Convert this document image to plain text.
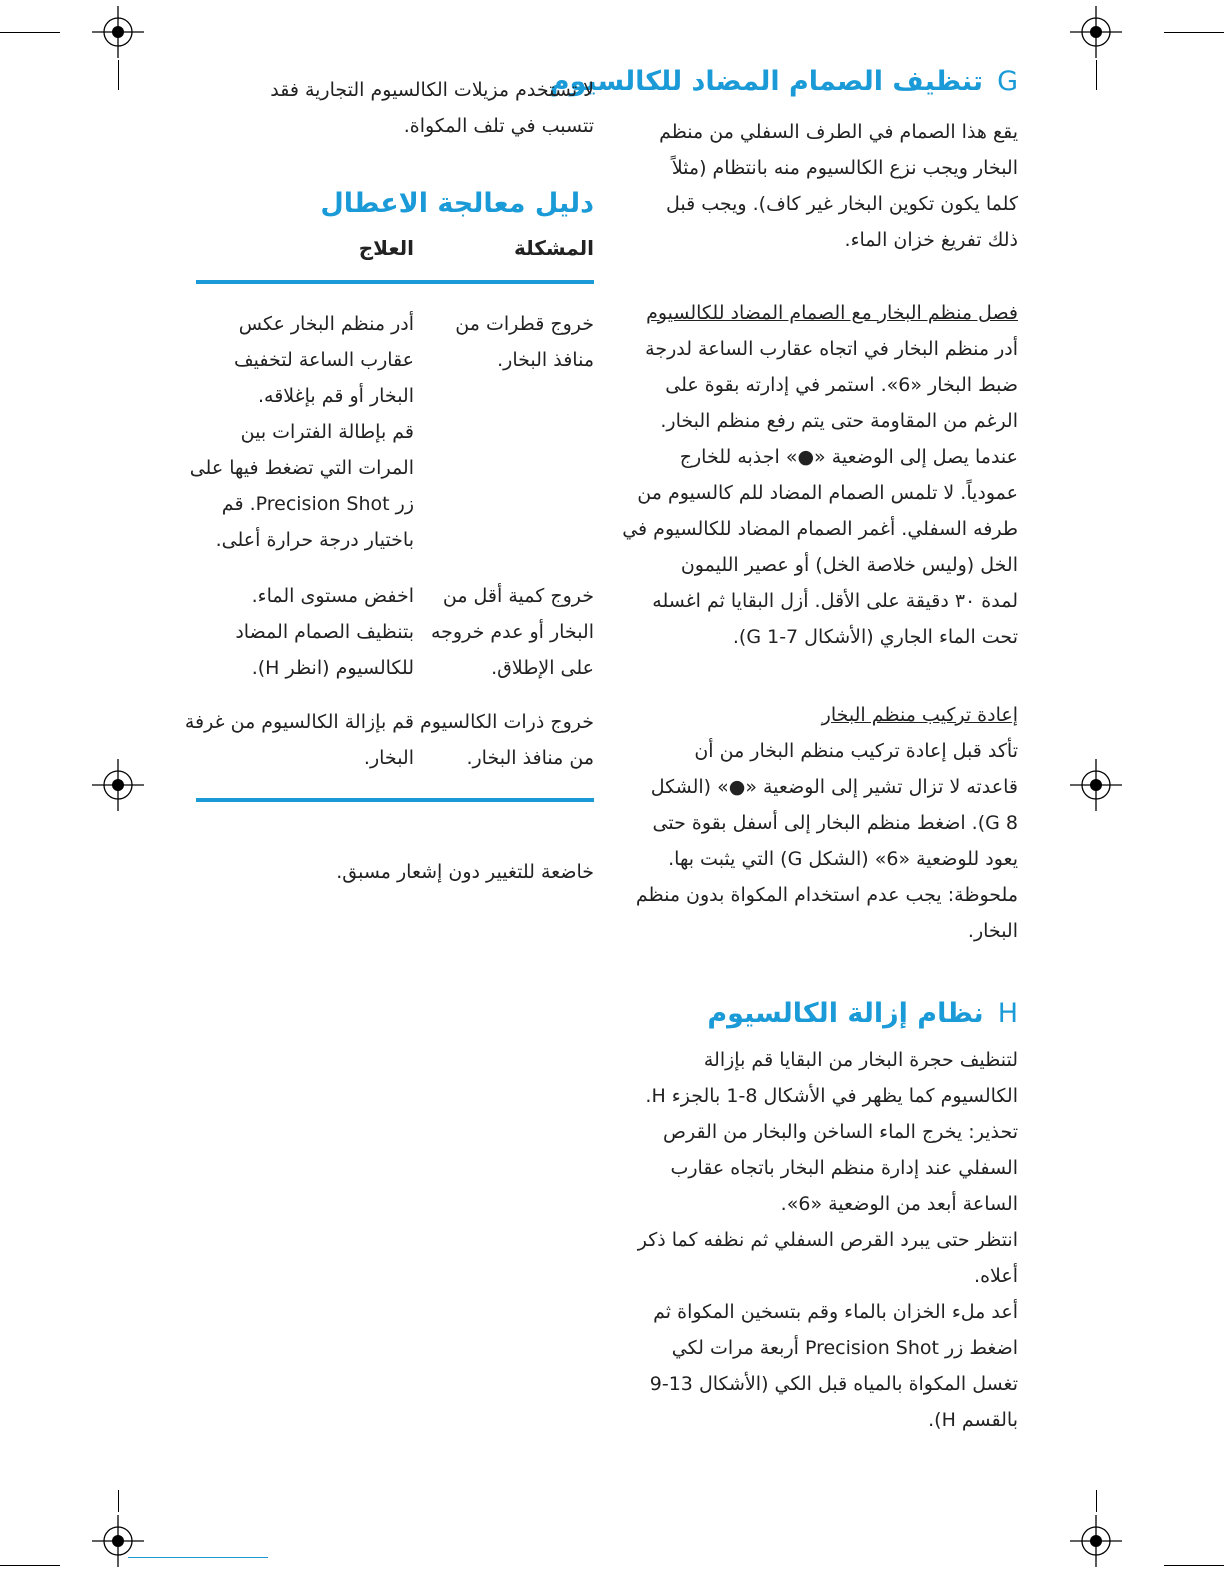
Gتنظيف الصمام المضاد للكالسيوم
يقع هذا الصمام في الطرف السفلي من منظم
البخار ويجب نزع الكالسيوم منه بانتظام (مثلاً
كلما يكون تكوين البخار غير كاف). ويجب قبل
ذلك تفريغ خزان الماء.
فصل منظم البخار مع الصمام المضاد للكالسيوم
أدر منظم البخار في اتجاه عقارب الساعة لدرجة
ضبط البخار «6». استمر في إدارته بقوة على
الرغم من المقاومة حتى يتم رفع منظم البخار.
عندما يصل إلى الوضعية «●» اجذبه للخارج
عمودياً. لا تلمس الصمام المضاد للم كالسيوم من
طرفه السفلي. أغمر الصمام المضاد للكالسيوم في
الخل (وليس خلاصة الخل) أو عصير الليمون
لمدة ٣٠ دقيقة على الأقل. أزل البقايا ثم اغسله
تحت الماء الجاري (الأشكال 7-1 G).
إعادة تركيب منظم البخار
تأكد قبل إعادة تركيب منظم البخار من أن
قاعدته لا تزال تشير إلى الوضعية «●» (الشكل
G 8). اضغط منظم البخار إلى أسفل بقوة حتى
يعود للوضعية «6» (الشكل G) التي يثبت بها.
ملحوظة: يجب عدم استخدام المكواة بدون منظم
البخار.
Hنظام إزالة الكالسيوم
لتنظيف حجرة البخار من البقايا قم بإزالة
الكالسيوم كما يظهر في الأشكال 8-1 بالجزء H.
تحذير: يخرج الماء الساخن والبخار من القرص
السفلي عند إدارة منظم البخار باتجاه عقارب
الساعة أبعد من الوضعية «6».
انتظر حتى يبرد القرص السفلي ثم نظفه كما ذكر
أعلاه.
أعد ملء الخزان بالماء وقم بتسخين المكواة ثم
اضغط زر Precision Shot أربعة مرات لكي
تغسل المكواة بالمياه قبل الكي (الأشكال 13-9
بالقسم H).
لا تستخدم مزيلات الكالسيوم التجارية فقد
تتسبب في تلف المكواة.
دليل معالجة الاعطال
المشكلة
العلاج
خروج قطرات من
منافذ البخار.
أدر منظم البخار عكس
عقارب الساعة لتخفيف
البخار أو قم بإغلاقه.
قم بإطالة الفترات بين
المرات التي تضغط فيها على
زر Precision Shot. قم
باختيار درجة حرارة أعلى.
خروج كمية أقل من
البخار أو عدم خروجه
على الإطلاق.
اخفض مستوى الماء.
بتنظيف الصمام المضاد
للكالسيوم (انظر H).
خروج ذرات الكالسيوم
من منافذ البخار.
قم بإزالة الكالسيوم من غرفة
البخار.
خاضعة للتغيير دون إشعار مسبق.
